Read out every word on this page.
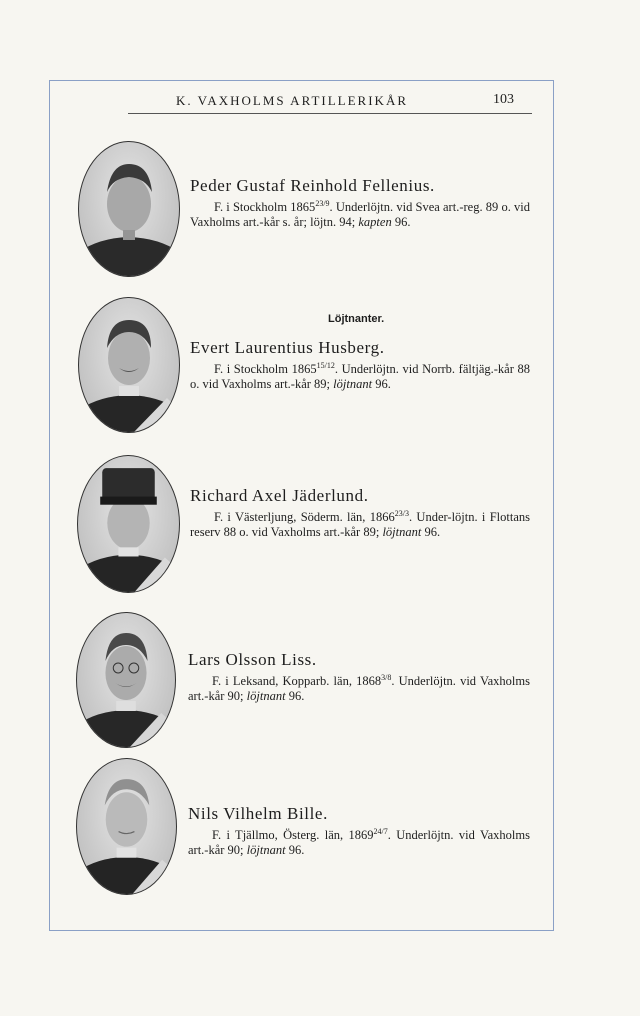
K. VAXHOLMS ARTILLERIKÅR	103
Peder Gustaf Reinhold Fellenius.
F. i Stockholm $1865^{23/9}$. Underlöjtn. vid Svea art.-reg. 89 o. vid Vaxholms art.-kår s. år; löjtn. 94; kapten 96.
Löjtnanter.
Evert Laurentius Husberg.
F. i Stockholm $1865^{15/12}$. Underlöjtn. vid Norrb. fältjäg.-kår 88 o. vid Vaxholms art.-kår 89; löjtnant 96.
Richard Axel Jäderlund.
F. i Västerljung, Söderm. län, $1866^{23/3}$. Under-löjtn. i Flottans reserv 88 o. vid Vaxholms art.-kår 89; löjtnant 96.
Lars Olsson Liss.
F. i Leksand, Kopparb. län, $1868^{3/8}$. Underlöjtn. vid Vaxholms art.-kår 90; löjtnant 96.
Nils Vilhelm Bille.
F. i Tjällmo, Österg. län, $1869^{24/7}$. Underlöjtn. vid Vaxholms art.-kår 90; löjtnant 96.
